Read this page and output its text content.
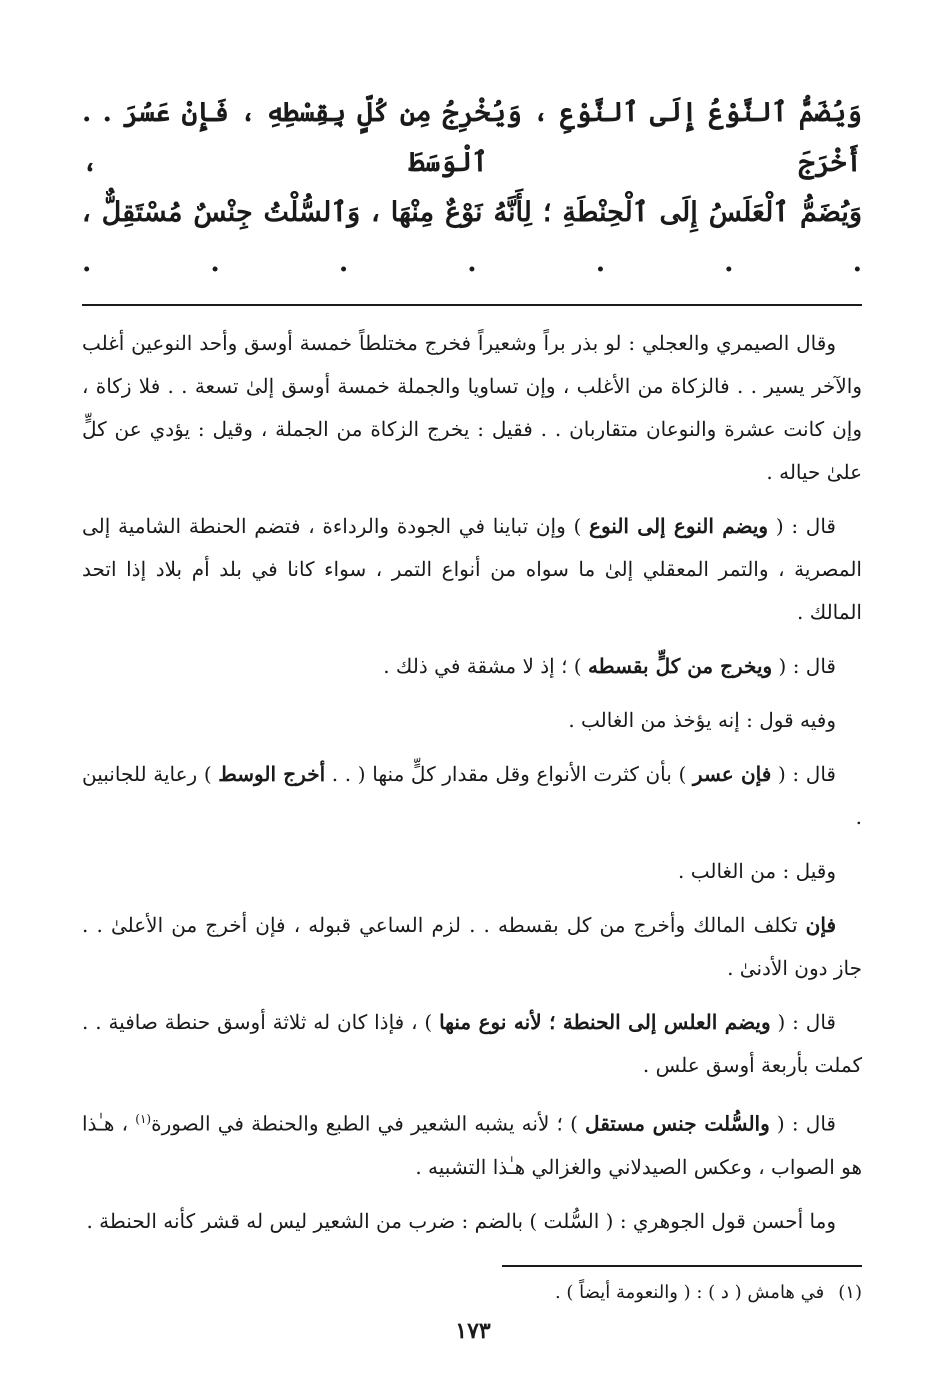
وَيُضَمُّ ٱلنَّوْعُ إِلَى ٱلنَّوْعِ ، وَيُخْرِجُ مِن كُلٍّ بِقِسْطِهِ ، فَإِنْ عَسُرَ . . أَخْرَجَ ٱلْوَسَطَ ،

وَيُضَمُّ ٱلْعَلَسُ إِلَى ٱلْحِنْطَةِ ؛ لِأَنَّهُ نَوْعٌ مِنْهَا ، وَٱلسُّلْتُ جِنْسٌ مُسْتَقِلٌّ ، . . . . . . .

وقال الصيمري والعجلي : لو بذر براً وشعيراً فخرج مختلطاً خمسة أوسق وأحد النوعين أغلب والآخر يسير . . فالزكاة من الأغلب ، وإن تساويا والجملة خمسة أوسق إلىٰ تسعة . . فلا زكاة ، وإن كانت عشرة والنوعان متقاربان . . فقيل : يخرج الزكاة من الجملة ، وقيل : يؤدي عن كلٍّ علىٰ حياله .

قال : ( ويضم النوع إلى النوع ) وإن تباينا في الجودة والرداءة ، فتضم الحنطة الشامية إلى المصرية ، والتمر المعقلي إلىٰ ما سواه من أنواع التمر ، سواء كانا في بلد أم بلاد إذا اتحد المالك .

قال : ( ويخرج من كلٍّ بقسطه ) ؛ إذ لا مشقة في ذلك .

وفيه قول : إنه يؤخذ من الغالب .

قال : ( فإن عسر ) بأن كثرت الأنواع وقل مقدار كلٍّ منها ( . . أخرج الوسط ) رعاية للجانبين .

وقيل : من الغالب .

فإن تكلف المالك وأخرج من كل بقسطه . . لزم الساعي قبوله ، فإن أخرج من الأعلىٰ . . جاز دون الأدنىٰ .

قال : ( ويضم العلس إلى الحنطة ؛ لأنه نوع منها ) ، فإذا كان له ثلاثة أوسق حنطة صافية . . كملت بأربعة أوسق علس .

قال : ( والسُّلت جنس مستقل ) ؛ لأنه يشبه الشعير في الطبع والحنطة في الصورة$^{(١)}$ ، هـٰذا هو الصواب ، وعكس الصيدلاني والغزالي هـٰذا التشبيه .

وما أحسن قول الجوهري : ( السُّلت ) بالضم : ضرب من الشعير ليس له قشر كأنه الحنطة .

(١)في هامش ( د ) : ( والنعومة أيضاً ) .

١٧٣
